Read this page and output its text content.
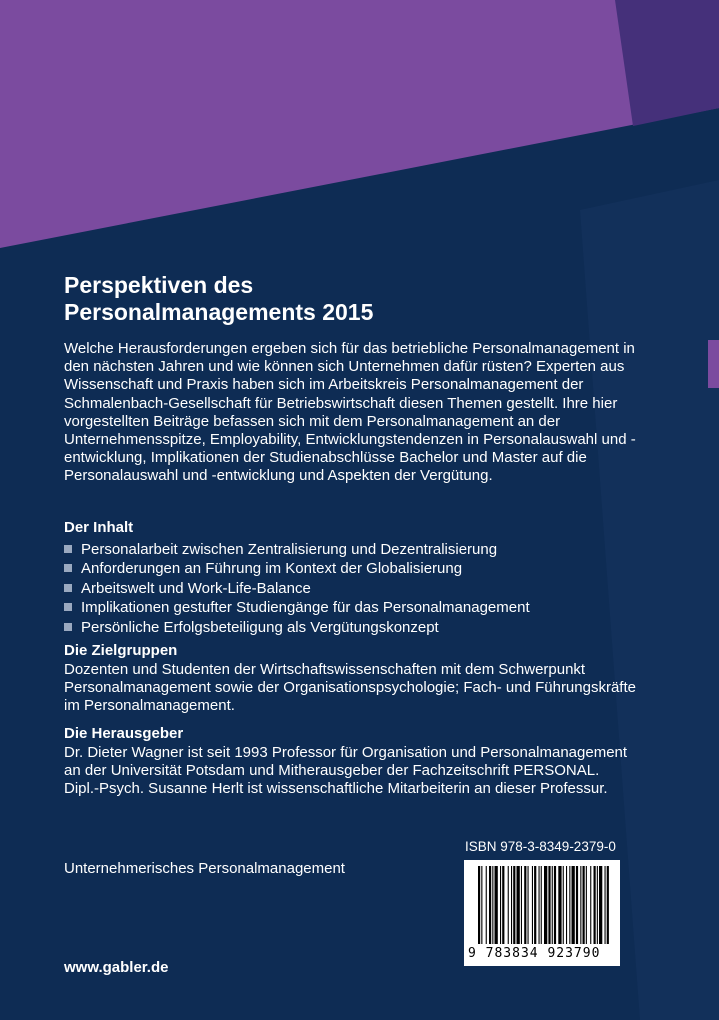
Perspektiven des
Personalmanagements 2015

Welche Herausforderungen ergeben sich für das betriebliche Personalmanagement in den nächsten Jahren und wie können sich Unternehmen dafür rüsten? Experten aus Wissenschaft und Praxis haben sich im Arbeitskreis Personalmanagement der Schmalenbach-Gesellschaft für Betriebswirtschaft diesen Themen gestellt. Ihre hier vorgestellten Beiträge befassen sich mit dem Personalmanagement an der Unternehmensspitze, Employability, Entwicklungstendenzen in Personalauswahl und -entwicklung, Implikationen der Studienabschlüsse Bachelor und Master auf die Personalauswahl und -entwicklung und Aspekten der Vergütung.

Der Inhalt
Personalarbeit zwischen Zentralisierung und Dezentralisierung
Anforderungen an Führung im Kontext der Globalisierung
Arbeitswelt und Work-Life-Balance
Implikationen gestufter Studiengänge für das Personalmanagement
Persönliche Erfolgsbeteiligung als Vergütungskonzept
Die Zielgruppen

Dozenten und Studenten der Wirtschaftswissenschaften mit dem Schwerpunkt Personalmanagement sowie der Organisationspsychologie; Fach- und Führungskräfte im Personalmanagement.

Die Herausgeber
Dr. Dieter Wagner ist seit 1993 Professor für Organisation und Personalmanagement an der Universität Potsdam und Mitherausgeber der Fachzeitschrift PERSONAL.
Dipl.-Psych. Susanne Herlt ist wissenschaftliche Mitarbeiterin an dieser Professur.
ISBN 978-3-8349-2379-0
Unternehmerisches Personalmanagement
9 783834 923790
www.gabler.de
